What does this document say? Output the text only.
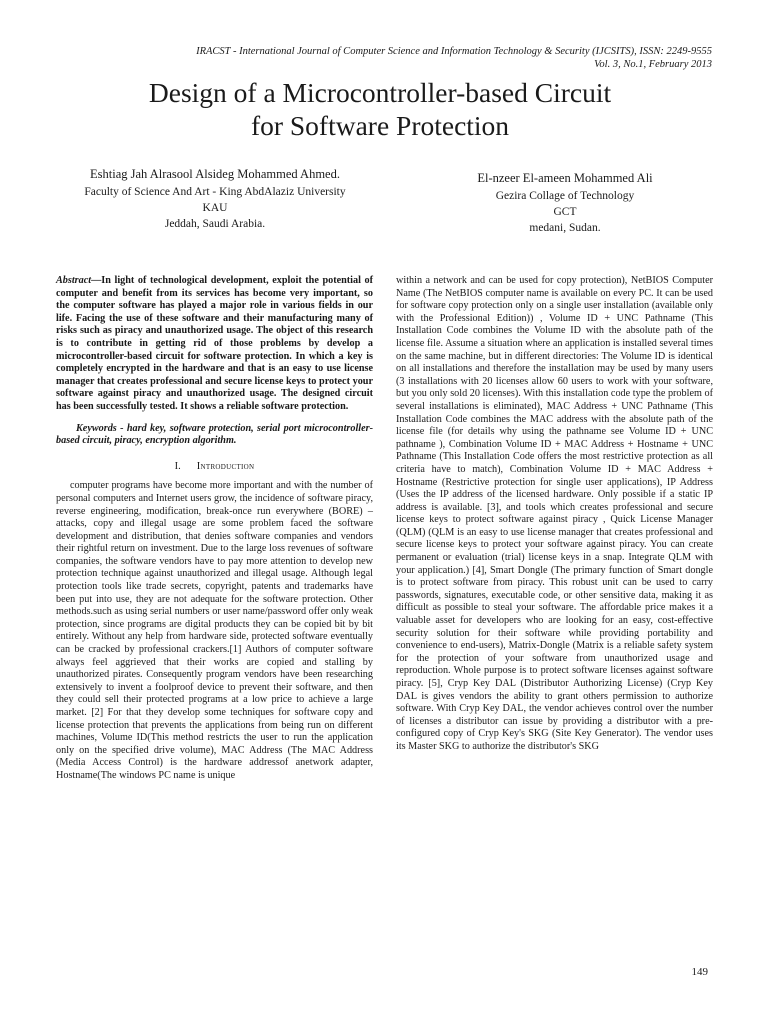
IRACST - International Journal of Computer Science and Information Technology & Security (IJCSITS), ISSN: 2249-9555
Vol. 3, No.1, February 2013
Design of a Microcontroller-based Circuit
for Software Protection
Eshtiag Jah Alrasool Alsideg Mohammed Ahmed.
Faculty of Science And Art - King AbdAlaziz University
KAU
Jeddah, Saudi Arabia.
El-nzeer El-ameen Mohammed Ali
Gezira Collage of Technology
GCT
medani, Sudan.

Abstract—In light of technological development, exploit the potential of computer and benefit from its services has become very important, so the computer software has played a major role in various fields in our life. Facing the use of these software and their manufacturing many of risks such as piracy and unauthorized usage. The object of this research is to contribute in getting rid of those problems by develop a microcontroller-based circuit for software protection. In which a key is completely encrypted in the hardware and that is an easy to use license manager that creates professional and secure license keys to protect your software against piracy and unauthorized usage. The designed circuit has been successfully tested. It shows a reliable software protection.

Keywords - hard key, software protection, serial port microcontroller-based circuit, piracy, encryption algorithm.

I. Introduction

computer programs have become more important and with the number of personal computers and Internet users grow, the incidence of software piracy, reverse engineering, modification, break-once run everywhere (BORE) – attacks, copy and illegal usage are some problem faced the software development and distribution, that denies software companies and vendors their rightful return on investment. Due to the large loss revenues of software companies, the software vendors have to pay more attention to develop new protection technique against unauthorized and illegal usage. Although legal protection tools like trade secrets, copyright, patents and trademarks have been put into use, they are not adequate for the software protection. Other methods.such as using serial numbers or user name/password offer only weak protection, since programs are digital products they can be copied bit by bit entirely. Without any help from hardware side, protected software eventually can be cracked by professional crackers.[1] Authors of computer software always feel aggrieved that their works are copied and stalling by unauthorized pirates. Consequently program vendors have been researching extensively to invent a foolproof device to prevent their software, and then they could sell their protected programs at a low price to achieve a large market. [2] For that they develop some techniques for software copy and license protection that prevents the applications from being run on different machines, Volume ID(This method restricts the user to run the application only on the specified drive volume), MAC Address (The MAC Address (Media Access Control) is the hardware addressof anetwork adapter, Hostname(The windows PC name is unique

within a network and can be used for copy protection), NetBIOS Computer Name (The NetBIOS computer name is available on every PC. It can be used for software copy protection only on a single user installation (available only with the Professional Edition)) , Volume ID + UNC Pathname (This Installation Code combines the Volume ID with the absolute path of the license file. Assume a situation where an application is installed several times on the same machine, but in different directories: The Volume ID is identical on all installations and therefore the installation may be used by many users (3 installations with 20 licenses allow 60 users to work with your software, but you only sold 20 licenses). With this installation code type the problem of several installations is eliminated), MAC Address + UNC Pathname (This Installation Code combines the MAC address with the absolute path of the license file (for details why using the pathname see Volume ID + UNC pathname ), Combination Volume ID + MAC Address + Hostname + UNC Pathname (This Installation Code offers the most restrictive protection as all criteria have to match), Combination Volume ID + MAC Address + Hostname (Restrictive protection for single user applications), IP Address (Uses the IP address of the licensed hardware. Only possible if a static IP address is available. [3], and tools which creates professional and secure license keys to protect software against piracy , Quick License Manager (QLM) (QLM is an easy to use license manager that creates professional and secure license keys to protect your software against piracy. You can create permanent or evaluation (trial) license keys in a snap. Integrate QLM with your application.) [4], Smart Dongle (The primary function of Smart dongle is to protect software from piracy. This robust unit can be used to carry passwords, signatures, executable code, or other sensitive data, making it as difficult as possible to steal your software. The affordable price makes it a valuable asset for developers who are looking for an easy, cost-effective security solution for their software while providing portability and convenience to end-users), Matrix-Dongle (Matrix is a reliable safety system for the protection of your software from unauthorized usage and reproduction. Whole purpose is to protect software licenses against software piracy. [5], Cryp Key DAL (Distributor Authorizing License) (Cryp Key DAL is gives vendors the ability to grant others permission to authorize software. With Cryp Key DAL, the vendor achieves control over the number of licenses a distributor can issue by providing a distributor with a pre-configured copy of Cryp Key's SKG (Site Key Generator). The vendor uses its Master SKG to authorize the distributor's SKG

149
